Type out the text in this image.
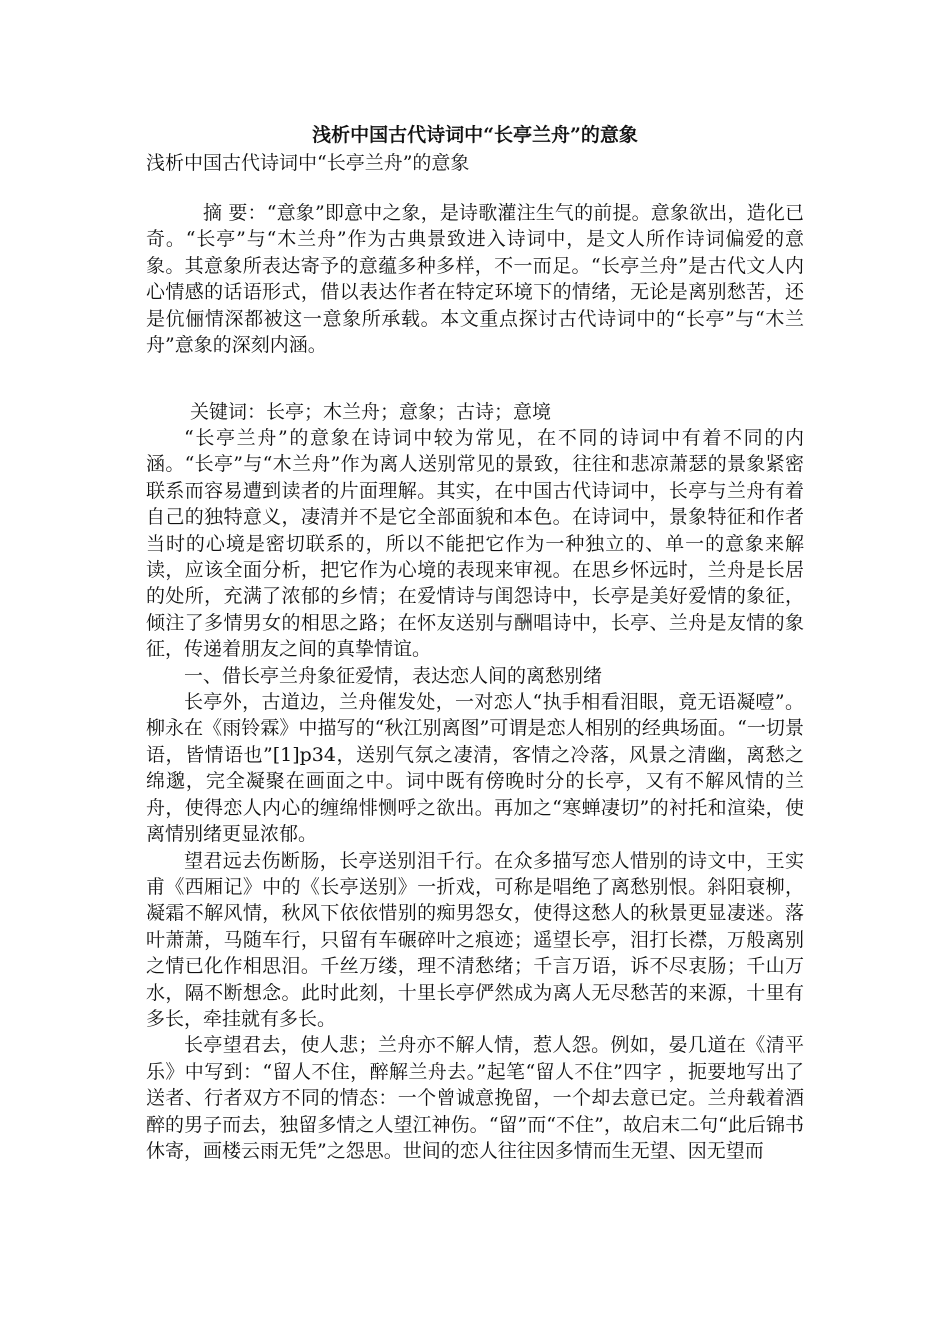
浅析中国古代诗词中“长亭兰舟”的意象
浅析中国古代诗词中“长亭兰舟”的意象

摘 要：“意象”即意中之象，是诗歌灌注生气的前提。意象欲出，造化已奇。“长亭”与“木兰舟”作为古典景致进入诗词中，是文人所作诗词偏爱的意象。其意象所表达寄予的意蕴多种多样，不一而足。“长亭兰舟”是古代文人内心情感的话语形式，借以表达作者在特定环境下的情绪，无论是离别愁苦，还是伉俪情深都被这一意象所承载。本文重点探讨古代诗词中的“长亭”与“木兰舟”意象的深刻内涵。

关键词：长亭；木兰舟；意象；古诗；意境

“长亭兰舟”的意象在诗词中较为常见，在不同的诗词中有着不同的内涵。“长亭”与“木兰舟”作为离人送别常见的景致，往往和悲凉萧瑟的景象紧密联系而容易遭到读者的片面理解。其实，在中国古代诗词中，长亭与兰舟有着自己的独特意义，凄清并不是它全部面貌和本色。在诗词中，景象特征和作者当时的心境是密切联系的，所以不能把它作为一种独立的、单一的意象来解读，应该全面分析，把它作为心境的表现来审视。在思乡怀远时，兰舟是长居的处所，充满了浓郁的乡情；在爱情诗与闺怨诗中，长亭是美好爱情的象征，倾注了多情男女的相思之路；在怀友送别与酬唱诗中，长亭、兰舟是友情的象征，传递着朋友之间的真挚情谊。

一、借长亭兰舟象征爱情，表达恋人间的离愁别绪

长亭外，古道边，兰舟催发处，一对恋人“执手相看泪眼，竟无语凝噎”。柳永在《雨铃霖》中描写的“秋江别离图”可谓是恋人相别的经典场面。“一切景语，皆情语也”[1]p34，送别气氛之凄清，客情之冷落，风景之清幽，离愁之绵邈，完全凝聚在画面之中。词中既有傍晚时分的长亭，又有不解风情的兰舟，使得恋人内心的缠绵悱恻呼之欲出。再加之“寒蝉凄切”的衬托和渲染，使离情别绪更显浓郁。

望君远去伤断肠，长亭送别泪千行。在众多描写恋人惜别的诗文中，王实甫《西厢记》中的《长亭送别》一折戏，可称是唱绝了离愁别恨。斜阳衰柳，凝霜不解风情，秋风下依依惜别的痴男怨女，使得这愁人的秋景更显凄迷。落叶萧萧，马随车行，只留有车碾碎叶之痕迹；遥望长亭，泪打长襟，万般离别之情已化作相思泪。千丝万缕，理不清愁绪；千言万语，诉不尽衷肠；千山万水，隔不断想念。此时此刻，十里长亭俨然成为离人无尽愁苦的来源，十里有多长，牵挂就有多长。

长亭望君去，使人悲；兰舟亦不解人情，惹人怨。例如，晏几道在《清平乐》中写到：“留人不住，醉解兰舟去。”起笔“留人不住”四字 ，扼要地写出了送者、行者双方不同的情态：一个曾诚意挽留，一个却去意已定。兰舟载着酒醉的男子而去，独留多情之人望江神伤。“留”而“不住”，故启末二句“此后锦书休寄，画楼云雨无凭”之怨思。世间的恋人往往因多情而生无望、因无望而
